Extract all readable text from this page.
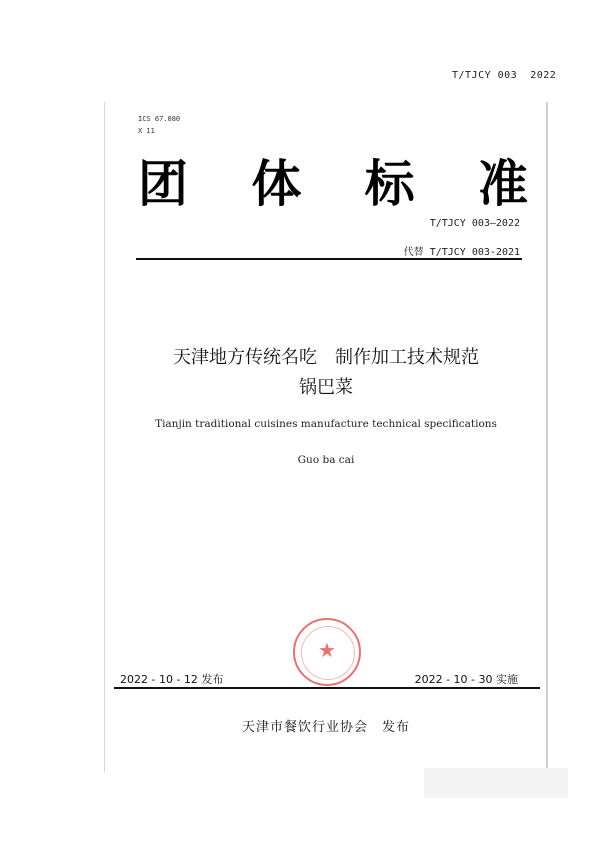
T/TJCY 003  2022
ICS 67.080
X 11
团 体 标 准
T/TJCY 003—2022
代替 T/TJCY 003-2021
天津地方传统名吃　制作加工技术规范
锅巴菜
Tianjin traditional cuisines manufacture technical specifications
Guo ba cai
★
2022 - 10 - 12 发布	2022 - 10 - 30 实施
天津市餐饮行业协会　发布
